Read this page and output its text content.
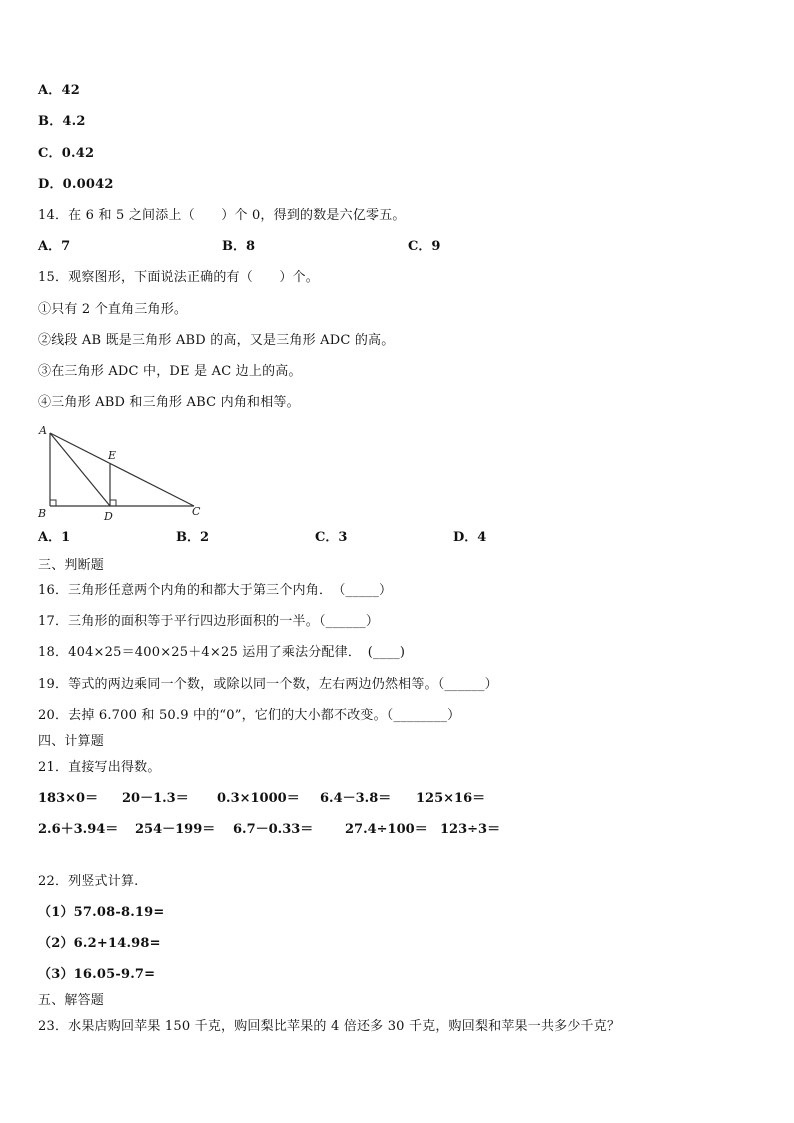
A．42
B．4.2
C．0.42
D．0.0042
14．在 6 和 5 之间添上（　　）个 0，得到的数是六亿零五。
A．7	B．8	C．9
15．观察图形，下面说法正确的有（　　）个。
①只有 2 个直角三角形。
②线段 AB 既是三角形 ABD 的高，又是三角形 ADC 的高。
③在三角形 ADC 中，DE 是 AC 边上的高。
④三角形 ABD 和三角形 ABC 内角和相等。
A
B	D
E
C
A．1	B．2	C．3	D．4
三、判断题
16．三角形任意两个内角的和都大于第三个内角．　（_____）
17．三角形的面积等于平行四边形面积的一半。（______）
18．404×25＝400×25＋4×25 运用了乘法分配律．　(____)
19．等式的两边乘同一个数，或除以同一个数，左右两边仍然相等。（______）
20．去掉 6.700 和 50.9 中的“0”，它们的大小都不改变。（________）
四、计算题
21．直接写出得数。
183×0＝ 20－1.3＝ 0.3×1000＝ 6.4－3.8＝ 125×16＝
2.6＋3.94＝ 254－199＝ 6.7－0.33＝ 27.4÷100＝ 123÷3＝
22．列竖式计算.
（1）57.08-8.19=
（2）6.2+14.98=
（3）16.05-9.7=
五、解答题
23．水果店购回苹果 150 千克，购回梨比苹果的 4 倍还多 30 千克，购回梨和苹果一共多少千克？
